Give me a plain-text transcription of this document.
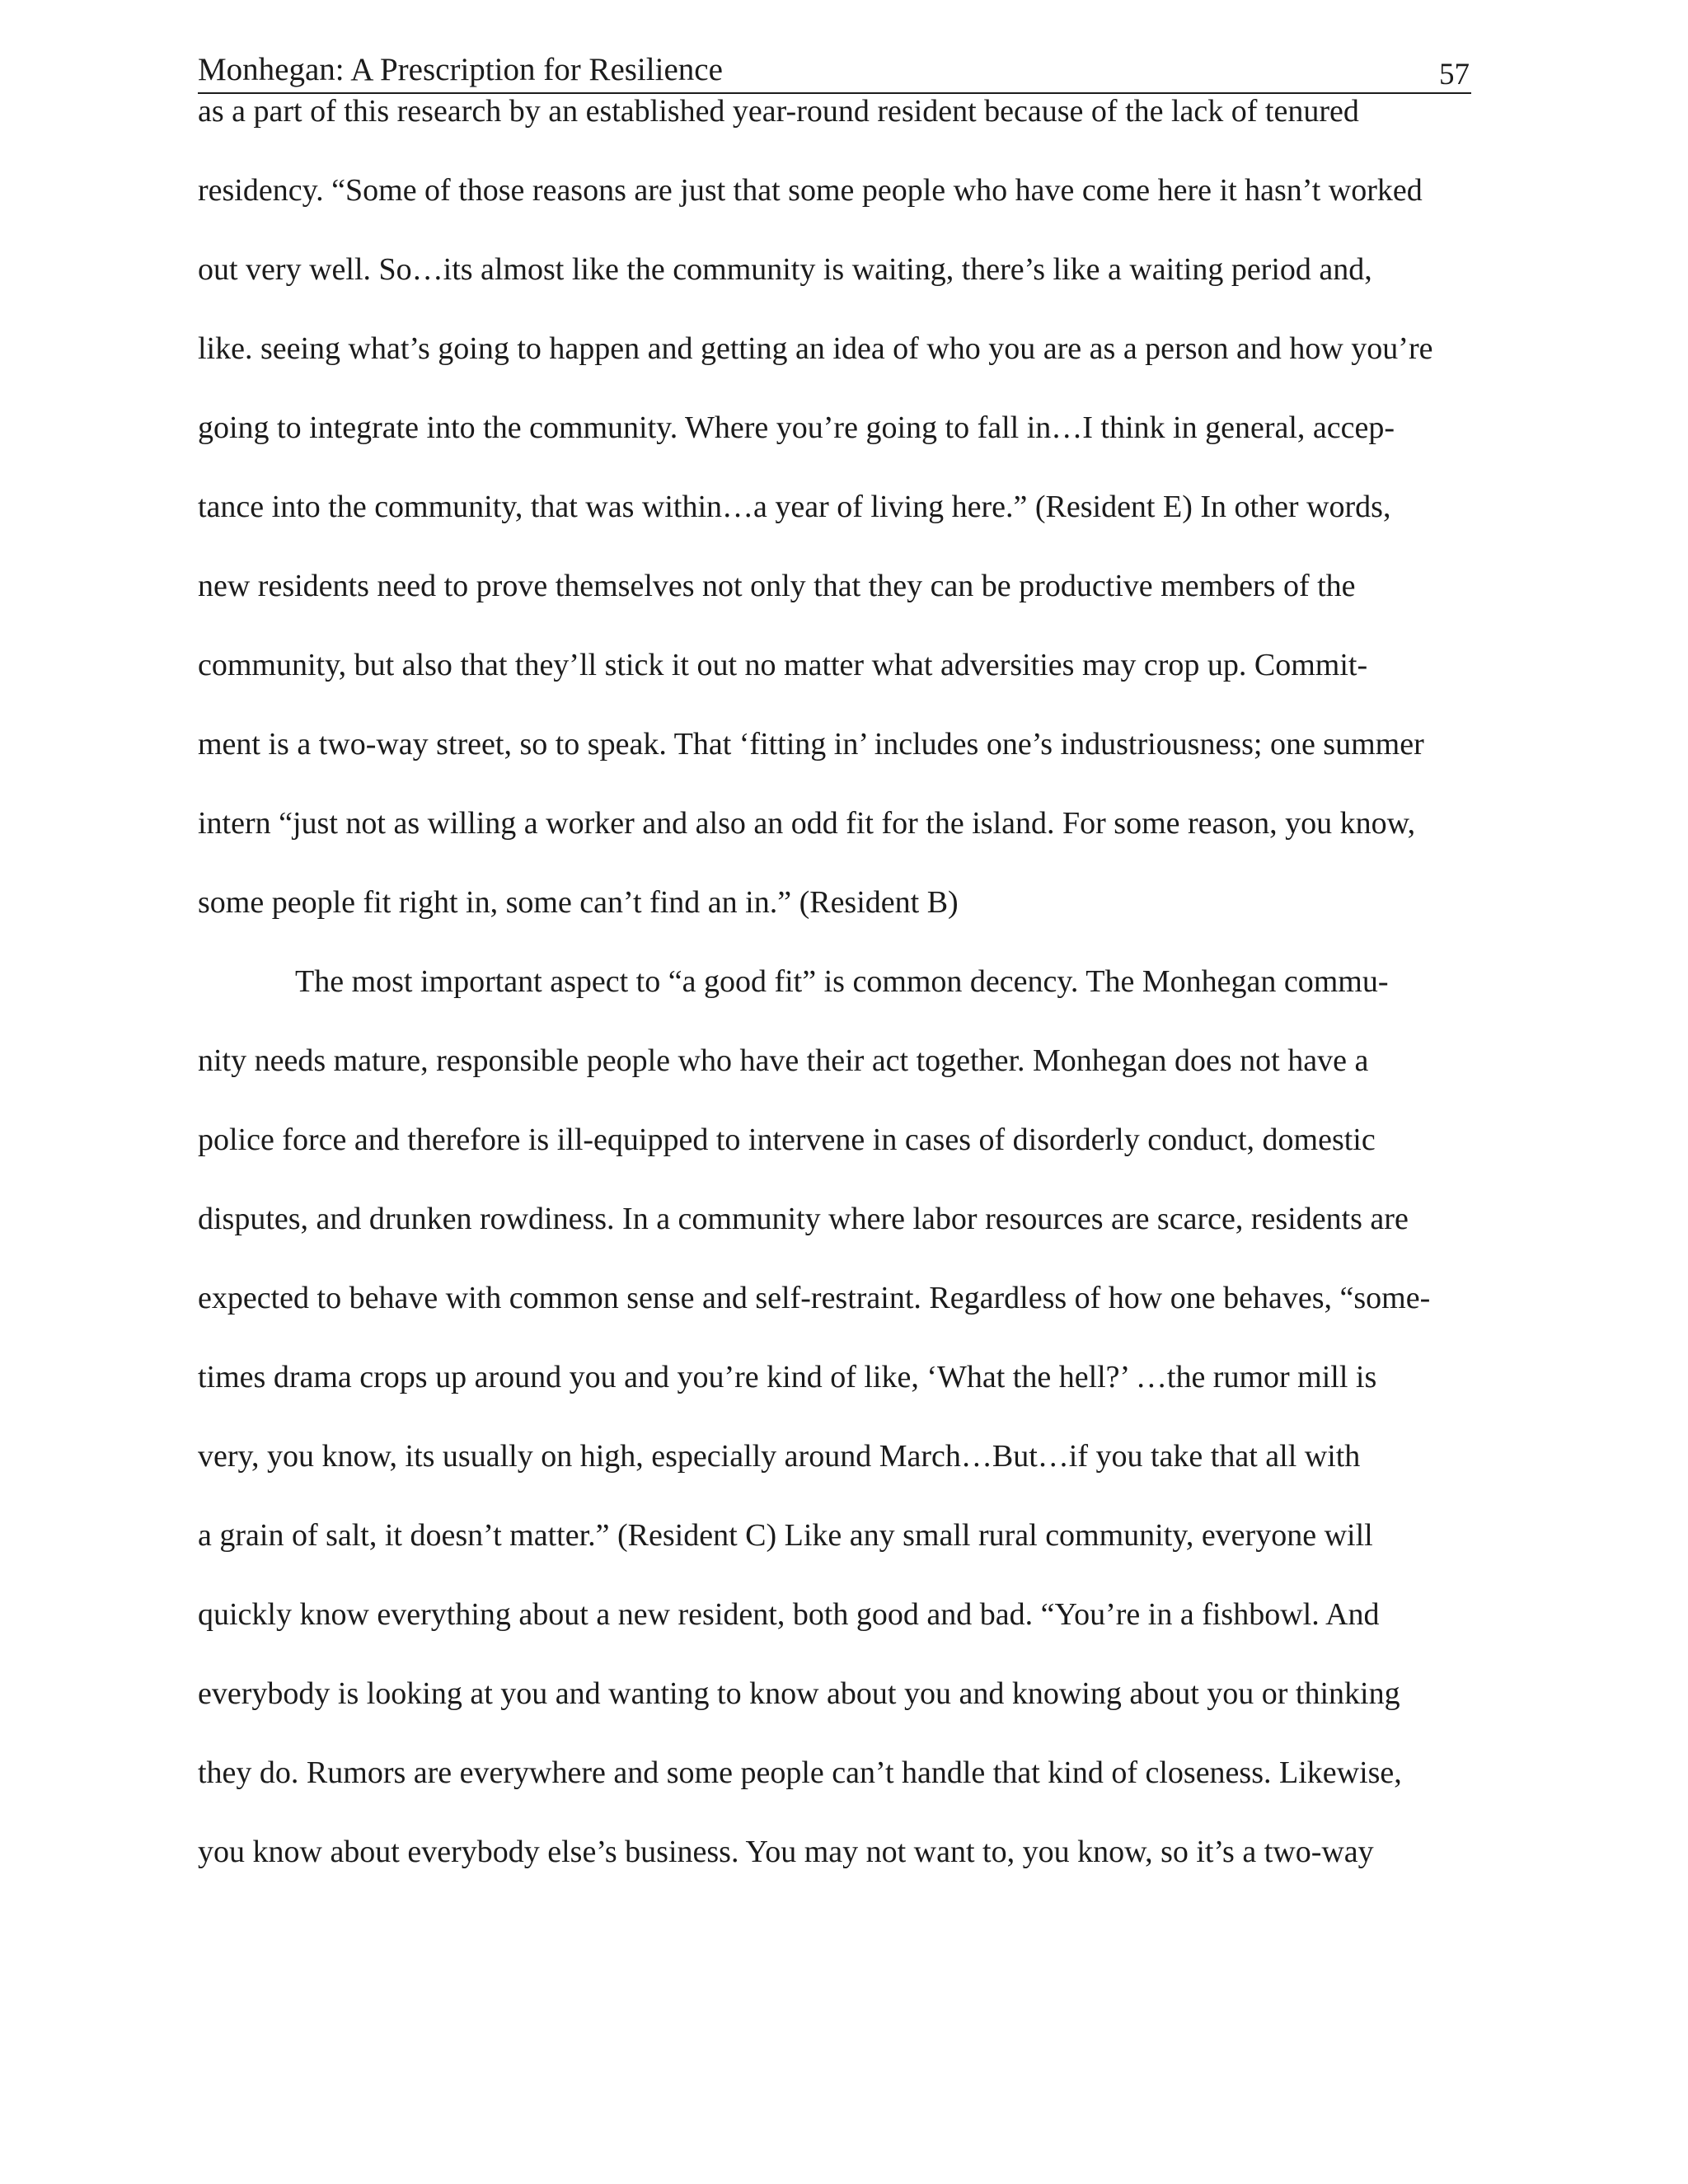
Monhegan: A Prescription for Resilience	57
as a part of this research by an established year-round resident because of the lack of tenured
residency. “Some of those reasons are just that some people who have come here it hasn’t worked
out very well. So…its almost like the community is waiting, there’s like a waiting period and,
like. seeing what’s going to happen and getting an idea of who you are as a person and how you’re
going to integrate into the community. Where you’re going to fall in…I think in general, accep-
tance into the community, that was within…a year of living here.” (Resident E) In other words,
new residents need to prove themselves not only that they can be productive members of the
community, but also that they’ll stick it out no matter what adversities may crop up. Commit-
ment is a two-way street, so to speak. That ‘fitting in’ includes one’s industriousness; one summer
intern “just not as willing a worker and also an odd fit for the island. For some reason, you know,
some people fit right in, some can’t find an in.” (Resident B)
The most important aspect to “a good fit” is common decency. The Monhegan commu-
nity needs mature, responsible people who have their act together. Monhegan does not have a
police force and therefore is ill-equipped to intervene in cases of disorderly conduct, domestic
disputes, and drunken rowdiness. In a community where labor resources are scarce, residents are
expected to behave with common sense and self-restraint. Regardless of how one behaves, “some-
times drama crops up around you and you’re kind of like, ‘What the hell?’ …the rumor mill is
very, you know, its usually on high, especially around March…But…if you take that all with
a grain of salt, it doesn’t matter.” (Resident C) Like any small rural community, everyone will
quickly know everything about a new resident, both good and bad. “You’re in a fishbowl. And
everybody is looking at you and wanting to know about you and knowing about you or thinking
they do. Rumors are everywhere and some people can’t handle that kind of closeness. Likewise,
you know about everybody else’s business. You may not want to, you know, so it’s a two-way
